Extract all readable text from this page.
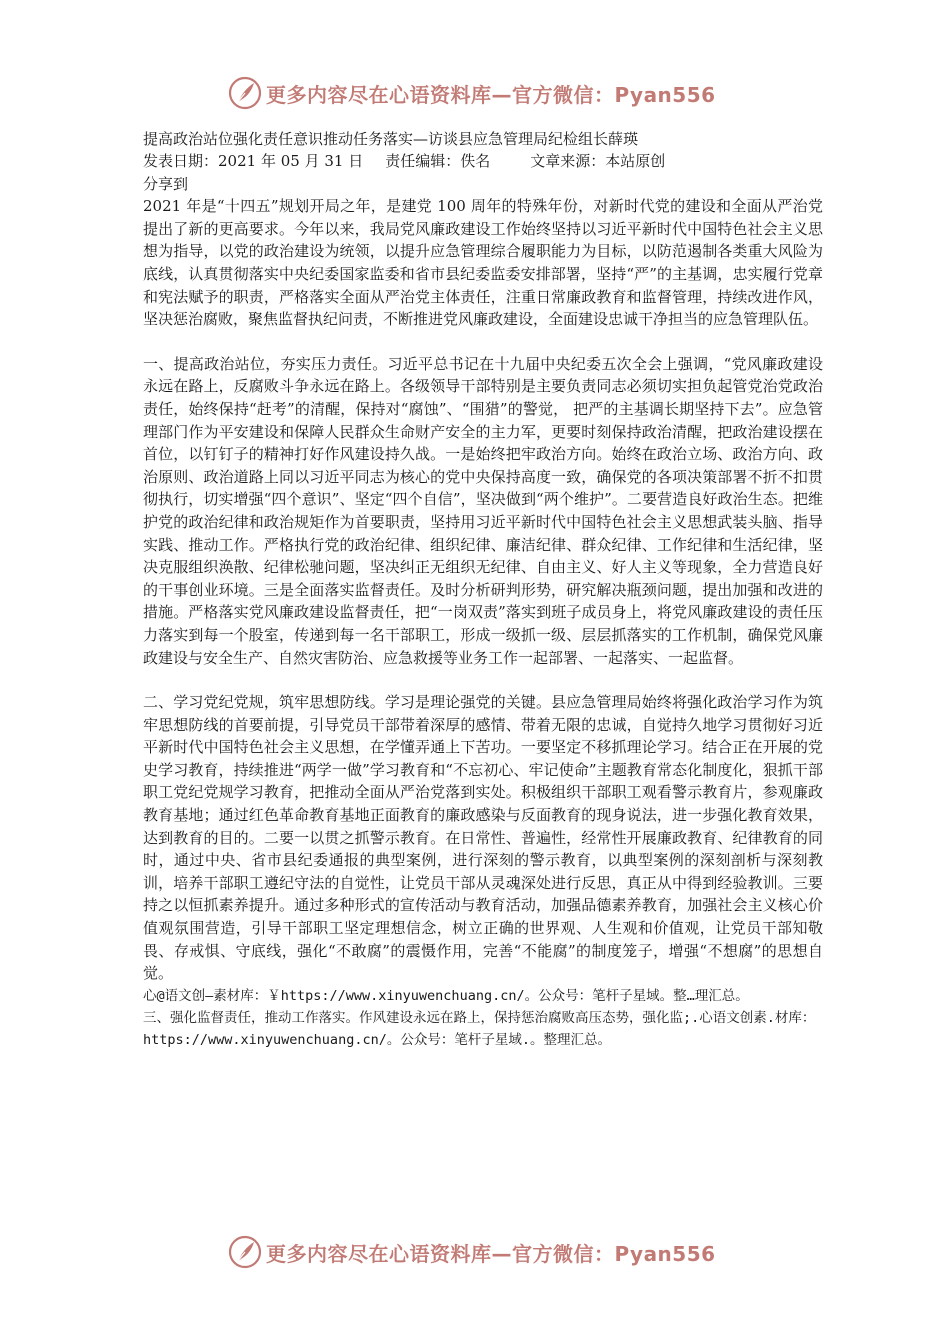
更多内容尽在心语资料库—官方微信：Pyan556
提高政治站位强化责任意识推动任务落实—访谈县应急管理局纪检组长薛瑛
发表日期：2021 年 05 月 31 日 责任编辑：佚名	文章来源：本站原创
分享到

2021 年是“十四五”规划开局之年，是建党 100 周年的特殊年份，对新时代党的建设和全面从严治党提出了新的更高要求。今年以来，我局党风廉政建设工作始终坚持以习近平新时代中国特色社会主义思想为指导，以党的政治建设为统领，以提升应急管理综合履职能力为目标，以防范遏制各类重大风险为底线，认真贯彻落实中央纪委国家监委和省市县纪委监委安排部署，坚持“严”的主基调，忠实履行党章和宪法赋予的职责，严格落实全面从严治党主体责任，注重日常廉政教育和监督管理，持续改进作风，坚决惩治腐败，聚焦监督执纪问责，不断推进党风廉政建设，全面建设忠诚干净担当的应急管理队伍。

一、提高政治站位，夯实压力责任。习近平总书记在十九届中央纪委五次全会上强调，“党风廉政建设永远在路上，反腐败斗争永远在路上。各级领导干部特别是主要负责同志必须切实担负起管党治党政治责任，始终保持“赶考”的清醒，保持对“腐蚀”、“围猎”的警觉， 把严的主基调长期坚持下去”。应急管理部门作为平安建设和保障人民群众生命财产安全的主力军，更要时刻保持政治清醒，把政治建设摆在首位，以钉钉子的精神打好作风建设持久战。一是始终把牢政治方向。始终在政治立场、政治方向、政治原则、政治道路上同以习近平同志为核心的党中央保持高度一致，确保党的各项决策部署不折不扣贯彻执行，切实增强“四个意识”、坚定“四个自信”，坚决做到“两个维护”。二要营造良好政治生态。把维护党的政治纪律和政治规矩作为首要职责，坚持用习近平新时代中国特色社会主义思想武装头脑、指导实践、推动工作。严格执行党的政治纪律、组织纪律、廉洁纪律、群众纪律、工作纪律和生活纪律，坚决克服组织涣散、纪律松驰问题，坚决纠正无组织无纪律、自由主义、好人主义等现象，全力营造良好的干事创业环境。三是全面落实监督责任。及时分析研判形势，研究解决瓶颈问题，提出加强和改进的措施。严格落实党风廉政建设监督责任，把“一岗双责”落实到班子成员身上，将党风廉政建设的责任压力落实到每一个股室，传递到每一名干部职工，形成一级抓一级、层层抓落实的工作机制，确保党风廉政建设与安全生产、自然灾害防治、应急救援等业务工作一起部署、一起落实、一起监督。

二、学习党纪党规，筑牢思想防线。学习是理论强党的关键。县应急管理局始终将强化政治学习作为筑牢思想防线的首要前提，引导党员干部带着深厚的感情、带着无限的忠诚，自觉持久地学习贯彻好习近平新时代中国特色社会主义思想，在学懂弄通上下苦功。一要坚定不移抓理论学习。结合正在开展的党史学习教育，持续推进“两学一做”学习教育和“不忘初心、牢记使命”主题教育常态化制度化，狠抓干部职工党纪党规学习教育，把推动全面从严治党落到实处。积极组织干部职工观看警示教育片，参观廉政教育基地；通过红色革命教育基地正面教育的廉政感染与反面教育的现身说法，进一步强化教育效果，达到教育的目的。二要一以贯之抓警示教育。在日常性、普遍性，经常性开展廉政教育、纪律教育的同时，通过中央、省市县纪委通报的典型案例，进行深刻的警示教育，以典型案例的深刻剖析与深刻教训，培养干部职工遵纪守法的自觉性，让党员干部从灵魂深处进行反思，真正从中得到经验教训。三要持之以恒抓素养提升。通过多种形式的宣传活动与教育活动，加强品德素养教育，加强社会主义核心价值观氛围营造，引导干部职工坚定理想信念，树立正确的世界观、人生观和价值观，让党员干部知敬畏、存戒惧、守底线，强化“不敢腐”的震慑作用，完善“不能腐”的制度笼子，增强“不想腐”的思想自觉。

心@语文创—素材库：￥https://www.xinyuwenchuang.cn/。公众号：笔杆子星域。整…理汇总。

三、强化监督责任，推动工作落实。作风建设永远在路上，保持惩治腐败高压态势，强化监;.心语文创素.材库：https://www.xinyuwenchuang.cn/。公众号：笔杆子星域.。整理汇总。

更多内容尽在心语资料库—官方微信：Pyan556
